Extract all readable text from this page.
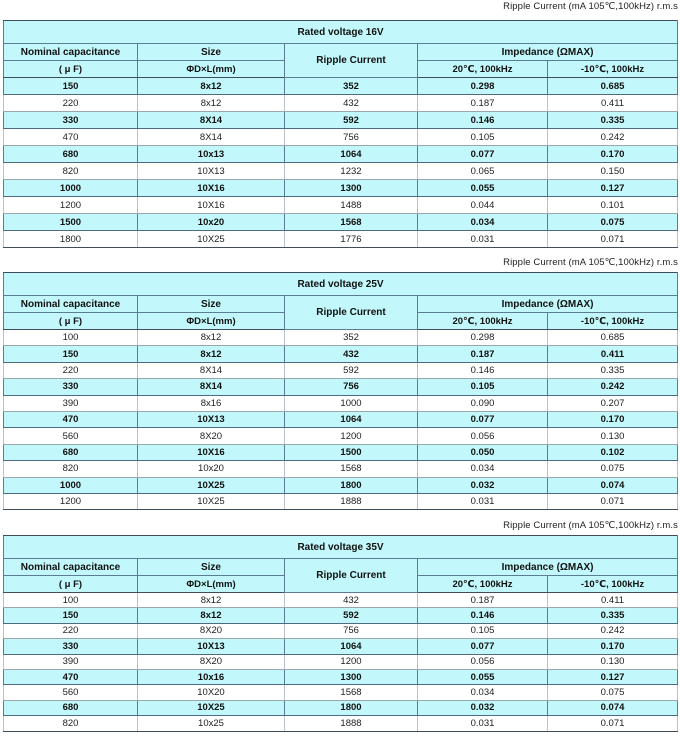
Ripple Current (mA 105℃,100kHz) r.m.s
Rated voltage 16V				
Nominal capacitance	Size	Ripple Current	Impedance (ΩMAX)	
( μ F)	ΦD×L(mm)		20℃, 100kHz	-10℃, 100kHz
150	8x12	352	0.298	0.685
220	8x12	432	0.187	0.411
330	8X14	592	0.146	0.335
470	8X14	756	0.105	0.242
680	10x13	1064	0.077	0.170
820	10X13	1232	0.065	0.150
1000	10X16	1300	0.055	0.127
1200	10X16	1488	0.044	0.101
1500	10x20	1568	0.034	0.075
1800	10X25	1776	0.031	0.071
Ripple Current (mA 105℃,100kHz) r.m.s
Rated voltage 25V				
Nominal capacitance	Size	Ripple Current	Impedance (ΩMAX)	
( μ F)	ΦD×L(mm)		20℃, 100kHz	-10℃, 100kHz
100	8x12	352	0.298	0.685
150	8x12	432	0.187	0.411
220	8X14	592	0.146	0.335
330	8X14	756	0.105	0.242
390	8x16	1000	0.090	0.207
470	10X13	1064	0.077	0.170
560	8X20	1200	0.056	0.130
680	10X16	1500	0.050	0.102
820	10x20	1568	0.034	0.075
1000	10X25	1800	0.032	0.074
1200	10X25	1888	0.031	0.071
Ripple Current (mA 105℃,100kHz) r.m.s
Rated voltage 35V				
Nominal capacitance	Size	Ripple Current	Impedance (ΩMAX)	
( μ F)	ΦD×L(mm)		20℃, 100kHz	-10℃, 100kHz
100	8x12	432	0.187	0.411
150	8x12	592	0.146	0.335
220	8X20	756	0.105	0.242
330	10X13	1064	0.077	0.170
390	8X20	1200	0.056	0.130
470	10x16	1300	0.055	0.127
560	10X20	1568	0.034	0.075
680	10X25	1800	0.032	0.074
820	10x25	1888	0.031	0.071
